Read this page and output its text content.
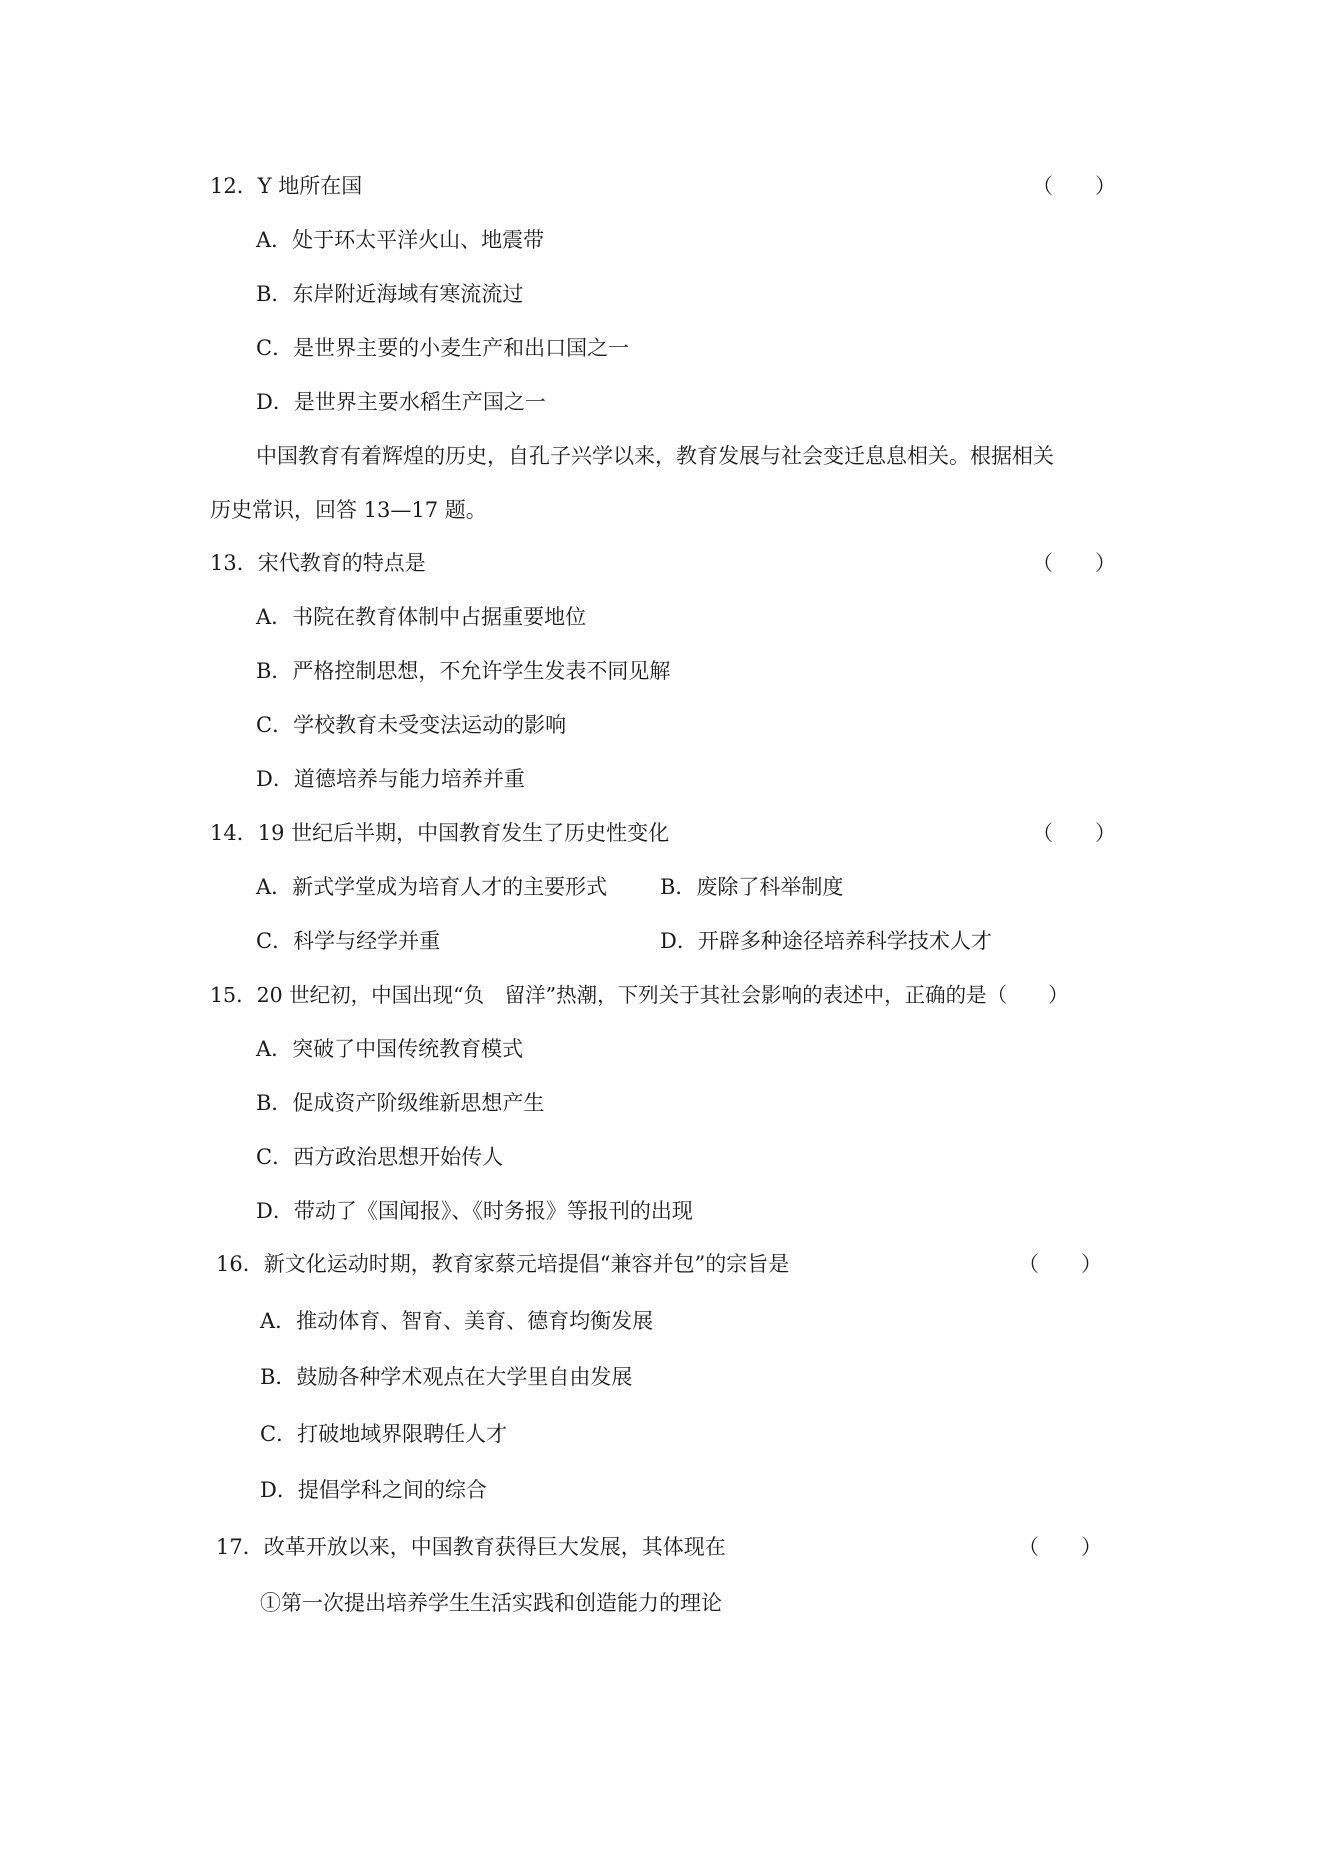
12．Y 地所在国	（　　）
A．处于环太平洋火山、地震带
B．东岸附近海域有寒流流过
C．是世界主要的小麦生产和出口国之一
D．是世界主要水稻生产国之一
中国教育有着辉煌的历史，自孔子兴学以来，教育发展与社会变迁息息相关。根据相关
历史常识，回答 13—17 题。
13．宋代教育的特点是	（　　）
A．书院在教育体制中占据重要地位
B．严格控制思想，不允许学生发表不同见解
C．学校教育未受变法运动的影响
D．道德培养与能力培养并重
14．19 世纪后半期，中国教育发生了历史性变化	（　　）
A．新式学堂成为培育人才的主要形式	B．废除了科举制度
C．科学与经学并重	D．开辟多种途径培养科学技术人才
15．20 世纪初，中国出现“负　留洋”热潮，下列关于其社会影响的表述中，正确的是（　　）
A．突破了中国传统教育模式
B．促成资产阶级维新思想产生
C．西方政治思想开始传人
D．带动了《国闻报》、《时务报》等报刊的出现
16．新文化运动时期，教育家蔡元培提倡“兼容并包”的宗旨是	（　　）
A．推动体育、智育、美育、德育均衡发展
B．鼓励各种学术观点在大学里自由发展
C．打破地域界限聘任人才
D．提倡学科之间的综合
17．改革开放以来，中国教育获得巨大发展，其体现在	（　　）
①第一次提出培养学生生活实践和创造能力的理论
